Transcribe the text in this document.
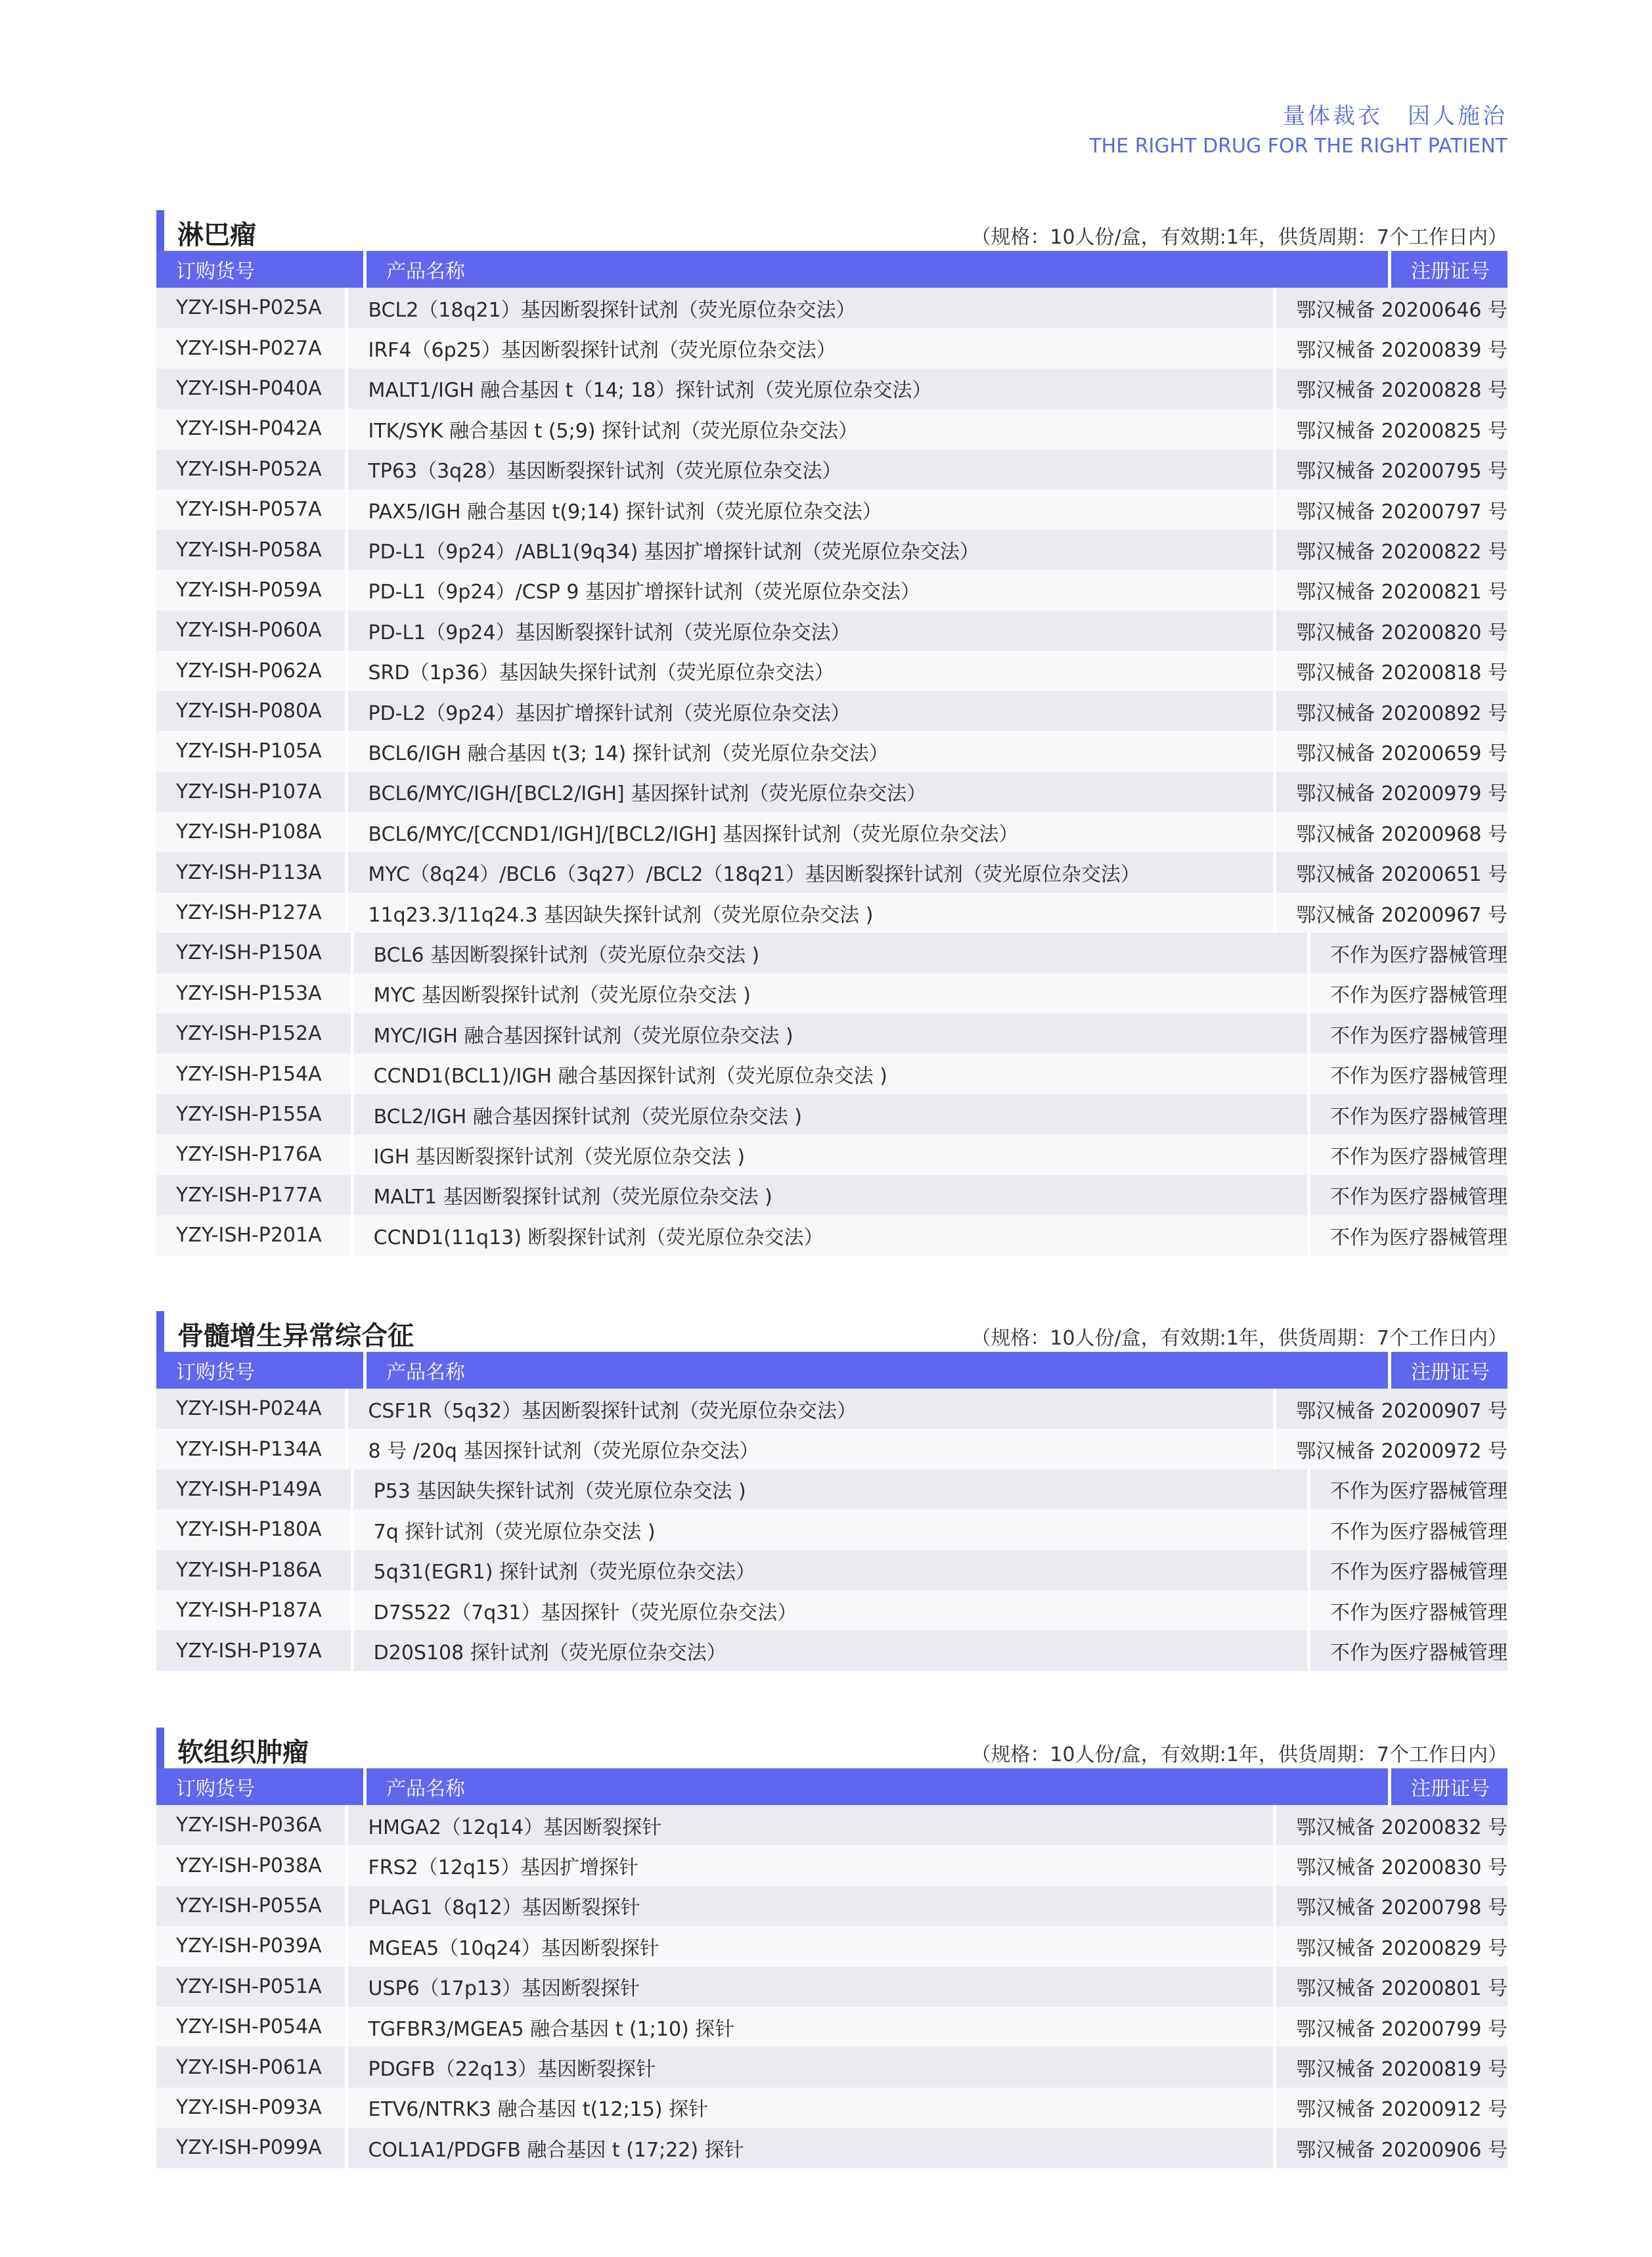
量体裁衣　因人施治
THE RIGHT DRUG FOR THE RIGHT PATIENT
淋巴瘤	（规格：10人份/盒，有效期:1年，供货周期：7个工作日内）
订购货号	产品名称	注册证号
YZY-ISH-P025A	BCL2（18q21）基因断裂探针试剂（荧光原位杂交法）	鄂汉械备 20200646 号
YZY-ISH-P027A	IRF4（6p25）基因断裂探针试剂（荧光原位杂交法）	鄂汉械备 20200839 号
YZY-ISH-P040A	MALT1/IGH 融合基因 t（14; 18）探针试剂（荧光原位杂交法）	鄂汉械备 20200828 号
YZY-ISH-P042A	ITK/SYK 融合基因 t (5;9) 探针试剂（荧光原位杂交法）	鄂汉械备 20200825 号
YZY-ISH-P052A	TP63（3q28）基因断裂探针试剂（荧光原位杂交法）	鄂汉械备 20200795 号
YZY-ISH-P057A	PAX5/IGH 融合基因 t(9;14) 探针试剂（荧光原位杂交法）	鄂汉械备 20200797 号
YZY-ISH-P058A	PD-L1（9p24）/ABL1(9q34) 基因扩增探针试剂（荧光原位杂交法）	鄂汉械备 20200822 号
YZY-ISH-P059A	PD-L1（9p24）/CSP 9 基因扩增探针试剂（荧光原位杂交法）	鄂汉械备 20200821 号
YZY-ISH-P060A	PD-L1（9p24）基因断裂探针试剂（荧光原位杂交法）	鄂汉械备 20200820 号
YZY-ISH-P062A	SRD（1p36）基因缺失探针试剂（荧光原位杂交法）	鄂汉械备 20200818 号
YZY-ISH-P080A	PD-L2（9p24）基因扩增探针试剂（荧光原位杂交法）	鄂汉械备 20200892 号
YZY-ISH-P105A	BCL6/IGH 融合基因 t(3; 14) 探针试剂（荧光原位杂交法）	鄂汉械备 20200659 号
YZY-ISH-P107A	BCL6/MYC/IGH/[BCL2/IGH] 基因探针试剂（荧光原位杂交法）	鄂汉械备 20200979 号
YZY-ISH-P108A	BCL6/MYC/[CCND1/IGH]/[BCL2/IGH] 基因探针试剂（荧光原位杂交法）	鄂汉械备 20200968 号
YZY-ISH-P113A	MYC（8q24）/BCL6（3q27）/BCL2（18q21）基因断裂探针试剂（荧光原位杂交法）	鄂汉械备 20200651 号
YZY-ISH-P127A	11q23.3/11q24.3 基因缺失探针试剂（荧光原位杂交法 )	鄂汉械备 20200967 号
YZY-ISH-P150A	BCL6 基因断裂探针试剂（荧光原位杂交法 )	不作为医疗器械管理
YZY-ISH-P153A	MYC 基因断裂探针试剂（荧光原位杂交法 )	不作为医疗器械管理
YZY-ISH-P152A	MYC/IGH 融合基因探针试剂（荧光原位杂交法 )	不作为医疗器械管理
YZY-ISH-P154A	CCND1(BCL1)/IGH 融合基因探针试剂（荧光原位杂交法 )	不作为医疗器械管理
YZY-ISH-P155A	BCL2/IGH 融合基因探针试剂（荧光原位杂交法 )	不作为医疗器械管理
YZY-ISH-P176A	IGH 基因断裂探针试剂（荧光原位杂交法 )	不作为医疗器械管理
YZY-ISH-P177A	MALT1 基因断裂探针试剂（荧光原位杂交法 )	不作为医疗器械管理
YZY-ISH-P201A	CCND1(11q13) 断裂探针试剂（荧光原位杂交法）	不作为医疗器械管理
骨髓增生异常综合征	（规格：10人份/盒，有效期:1年，供货周期：7个工作日内）
订购货号	产品名称	注册证号
YZY-ISH-P024A	CSF1R（5q32）基因断裂探针试剂（荧光原位杂交法）	鄂汉械备 20200907 号
YZY-ISH-P134A	8 号 /20q 基因探针试剂（荧光原位杂交法）	鄂汉械备 20200972 号
YZY-ISH-P149A	P53 基因缺失探针试剂（荧光原位杂交法 )	不作为医疗器械管理
YZY-ISH-P180A	7q 探针试剂（荧光原位杂交法 )	不作为医疗器械管理
YZY-ISH-P186A	5q31(EGR1) 探针试剂（荧光原位杂交法）	不作为医疗器械管理
YZY-ISH-P187A	D7S522（7q31）基因探针（荧光原位杂交法）	不作为医疗器械管理
YZY-ISH-P197A	D20S108 探针试剂（荧光原位杂交法）	不作为医疗器械管理
软组织肿瘤	（规格：10人份/盒，有效期:1年，供货周期：7个工作日内）
订购货号	产品名称	注册证号
YZY-ISH-P036A	HMGA2（12q14）基因断裂探针	鄂汉械备 20200832 号
YZY-ISH-P038A	FRS2（12q15）基因扩增探针	鄂汉械备 20200830 号
YZY-ISH-P055A	PLAG1（8q12）基因断裂探针	鄂汉械备 20200798 号
YZY-ISH-P039A	MGEA5（10q24）基因断裂探针	鄂汉械备 20200829 号
YZY-ISH-P051A	USP6（17p13）基因断裂探针	鄂汉械备 20200801 号
YZY-ISH-P054A	TGFBR3/MGEA5 融合基因 t (1;10) 探针	鄂汉械备 20200799 号
YZY-ISH-P061A	PDGFB（22q13）基因断裂探针	鄂汉械备 20200819 号
YZY-ISH-P093A	ETV6/NTRK3 融合基因 t(12;15) 探针	鄂汉械备 20200912 号
YZY-ISH-P099A	COL1A1/PDGFB 融合基因 t (17;22) 探针	鄂汉械备 20200906 号
